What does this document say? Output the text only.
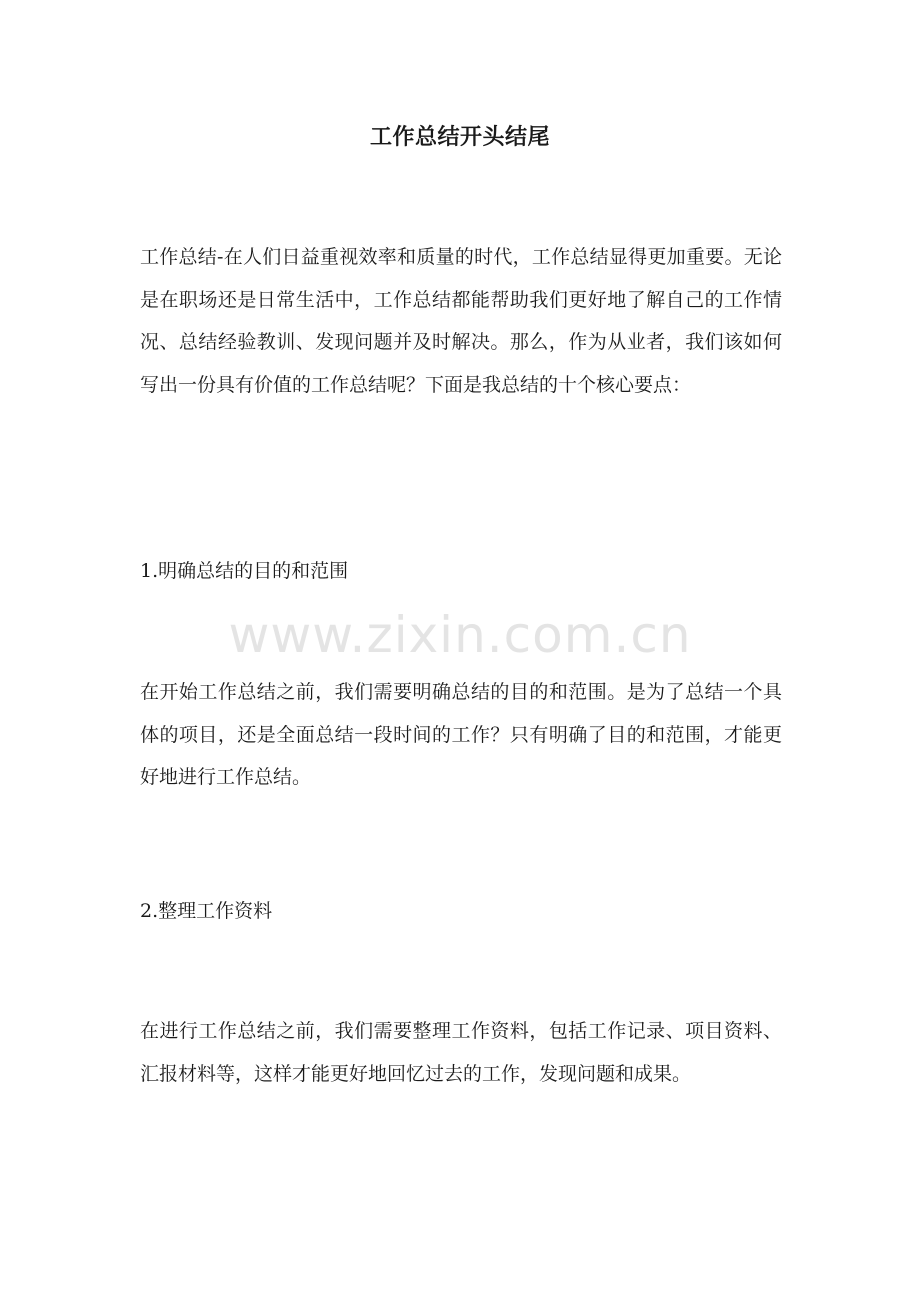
工作总结开头结尾

工作总结-在人们日益重视效率和质量的时代，工作总结显得更加重要。无论是在职场还是日常生活中，工作总结都能帮助我们更好地了解自己的工作情况、总结经验教训、发现问题并及时解决。那么，作为从业者，我们该如何写出一份具有价值的工作总结呢？下面是我总结的十个核心要点：

1.明确总结的目的和范围

www.zixin.com.cn

在开始工作总结之前，我们需要明确总结的目的和范围。是为了总结一个具体的项目，还是全面总结一段时间的工作？只有明确了目的和范围，才能更好地进行工作总结。

2.整理工作资料

在进行工作总结之前，我们需要整理工作资料，包括工作记录、项目资料、汇报材料等，这样才能更好地回忆过去的工作，发现问题和成果。
